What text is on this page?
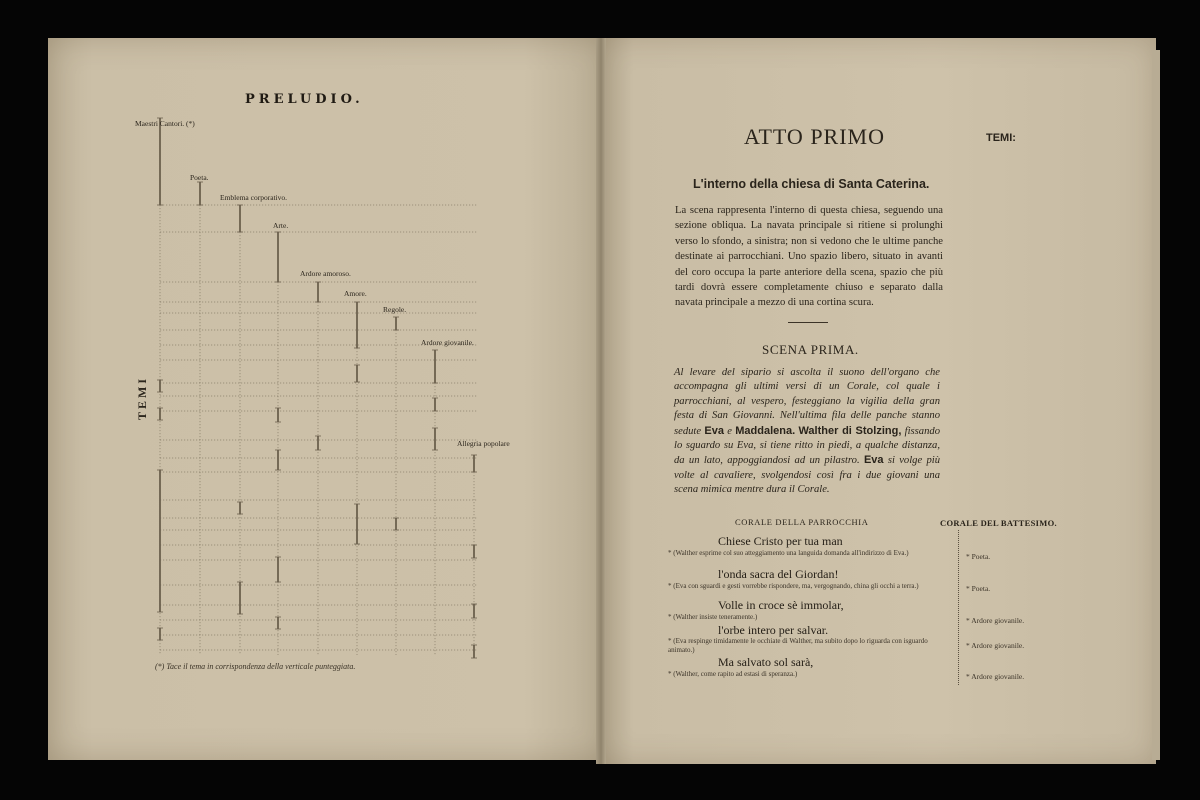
PRELUDIO.
Maestri Cantori. (*)
Poeta.
Emblema corporativo.
Arte.
Ardore amoroso.
Amore.
Regole.
Ardore giovanile.
Allegria popolare
TEMI
(*) Tace il tema in corrispondenza della verticale punteggiata.
ATTO PRIMO	TEMI:
L'interno della chiesa di Santa Caterina.
La scena rappresenta l'interno di questa chiesa, seguendo una sezione obliqua. La navata principale si ritiene si prolunghi verso lo sfondo, a sinistra; non si vedono che le ultime panche destinate ai parrocchiani. Uno spazio libero, situato in avanti del coro occupa la parte anteriore della scena, spazio che più tardi dovrà essere completamente chiuso e separato dalla navata principale a mezzo di una cortina scura.
SCENA PRIMA.
Al levare del sipario si ascolta il suono dell'organo che accompagna gli ultimi versi di un Corale, col quale i parrocchiani, al vespero, festeggiano la vigilia della gran festa di San Giovanni. Nell'ultima fila delle panche stanno sedute Eva e Maddalena. Walther di Stolzing, fissando lo sguardo su Eva, si tiene ritto in piedi, a qualche distanza, da un lato, appoggiandosi ad un pilastro. Eva si volge più volte al cavaliere, svolgendosi così fra i due giovani una scena mimica mentre dura il Corale.
CORALE DELLA PARROCCHIA	CORALE DEL BATTESIMO.
Chiese Cristo per tua man
* (Walther esprime col suo atteggiamento una languida domanda all'indirizzo di Eva.)	* Poeta.
l'onda sacra del Giordan!
* (Eva con sguardi e gesti vorrebbe rispondere, ma, vergognando, china gli occhi a terra.)	* Poeta.
Volle in croce sè immolar,
* (Walther insiste teneramente.)	* Ardore giovanile.
l'orbe intero per salvar.
* (Eva respinge timidamente le occhiate di Walther, ma subito dopo lo riguarda con isguardo animato.)	* Ardore giovanile.
Ma salvato sol sarà,
* (Walther, come rapito ad estasi di speranza.)	* Ardore giovanile.
